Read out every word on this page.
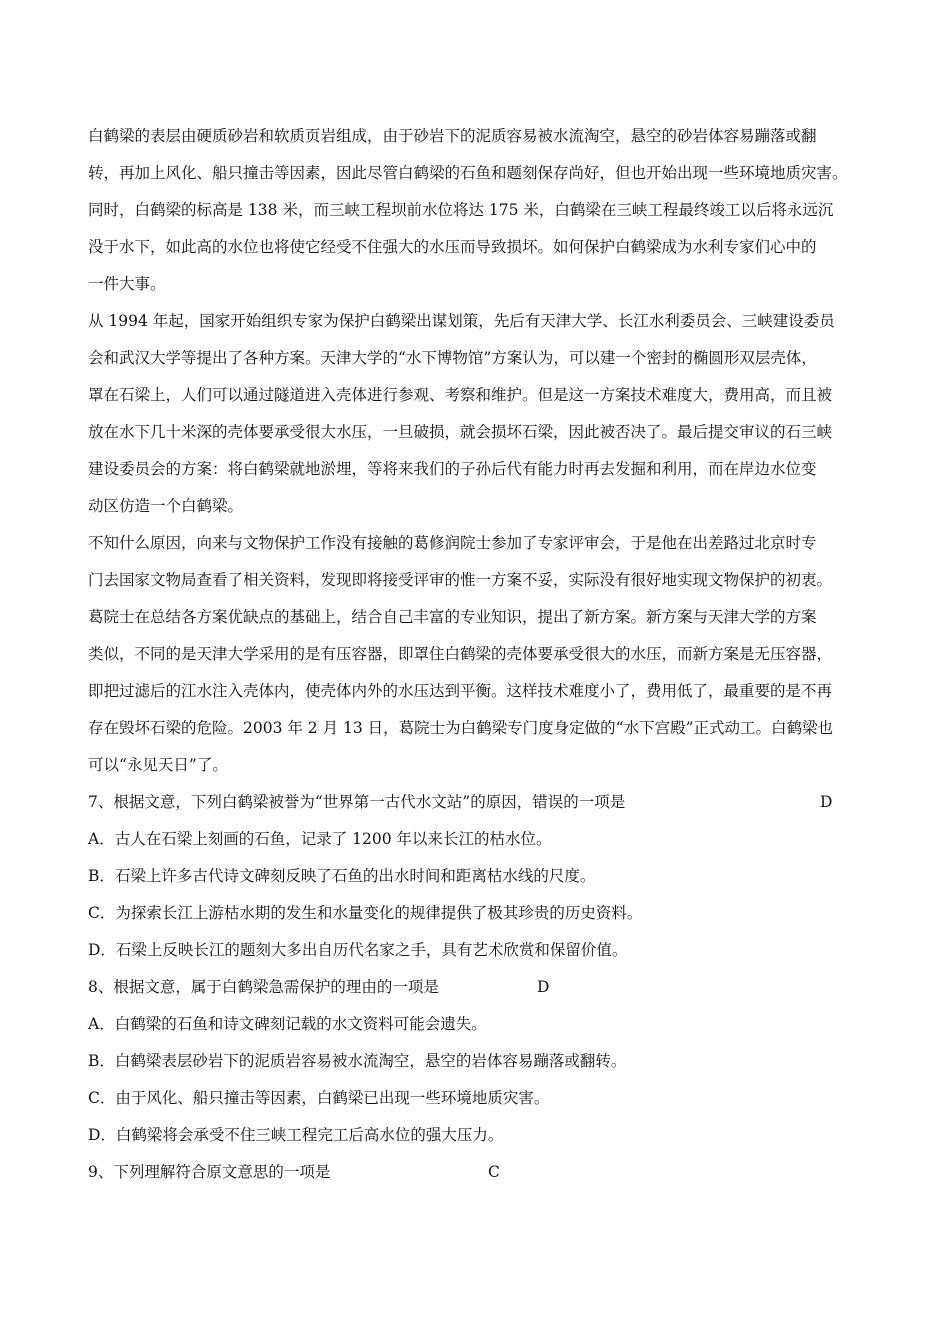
白鹤梁的表层由硬质砂岩和软质页岩组成，由于砂岩下的泥质容易被水流淘空，悬空的砂岩体容易蹦落或翻
转，再加上风化、船只撞击等因素，因此尽管白鹤梁的石鱼和题刻保存尚好，但也开始出现一些环境地质灾害。
同时，白鹤梁的标高是 138 米，而三峡工程坝前水位将达 175 米，白鹤梁在三峡工程最终竣工以后将永远沉
没于水下，如此高的水位也将使它经受不住强大的水压而导致损坏。如何保护白鹤梁成为水利专家们心中的
一件大事。
从 1994 年起，国家开始组织专家为保护白鹤梁出谋划策，先后有天津大学、长江水利委员会、三峡建设委员
会和武汉大学等提出了各种方案。天津大学的“水下博物馆”方案认为，可以建一个密封的椭圆形双层壳体，
罩在石梁上，人们可以通过隧道进入壳体进行参观、考察和维护。但是这一方案技术难度大，费用高，而且被
放在水下几十米深的壳体要承受很大水压，一旦破损，就会损坏石梁，因此被否决了。最后提交审议的石三峡
建设委员会的方案：将白鹤梁就地淤埋，等将来我们的子孙后代有能力时再去发掘和利用，而在岸边水位变
动区仿造一个白鹤梁。
不知什么原因，向来与文物保护工作没有接触的葛修润院士参加了专家评审会，于是他在出差路过北京时专
门去国家文物局查看了相关资料，发现即将接受评审的惟一方案不妥，实际没有很好地实现文物保护的初衷。
葛院士在总结各方案优缺点的基础上，结合自己丰富的专业知识，提出了新方案。新方案与天津大学的方案
类似，不同的是天津大学采用的是有压容器，即罩住白鹤梁的壳体要承受很大的水压，而新方案是无压容器，
即把过滤后的江水注入壳体内，使壳体内外的水压达到平衡。这样技术难度小了，费用低了，最重要的是不再
存在毁坏石梁的危险。2003 年 2 月 13 日，葛院士为白鹤梁专门度身定做的“水下宫殿”正式动工。白鹤梁也
可以“永见天日”了。
7、根据文意，下列白鹤梁被誉为“世界第一古代水文站”的原因，错误的一项是	D
A．古人在石梁上刻画的石鱼，记录了 1200 年以来长江的枯水位。
B．石梁上许多古代诗文碑刻反映了石鱼的出水时间和距离枯水线的尺度。
C．为探索长江上游枯水期的发生和水量变化的规律提供了极其珍贵的历史资料。
D．石梁上反映长江的题刻大多出自历代名家之手，具有艺术欣赏和保留价值。
8、根据文意，属于白鹤梁急需保护的理由的一项是	D
A．白鹤梁的石鱼和诗文碑刻记载的水文资料可能会遗失。
B．白鹤梁表层砂岩下的泥质岩容易被水流淘空，悬空的岩体容易蹦落或翻转。
C．由于风化、船只撞击等因素，白鹤梁已出现一些环境地质灾害。
D．白鹤梁将会承受不住三峡工程完工后高水位的强大压力。
9、下列理解符合原文意思的一项是	C
